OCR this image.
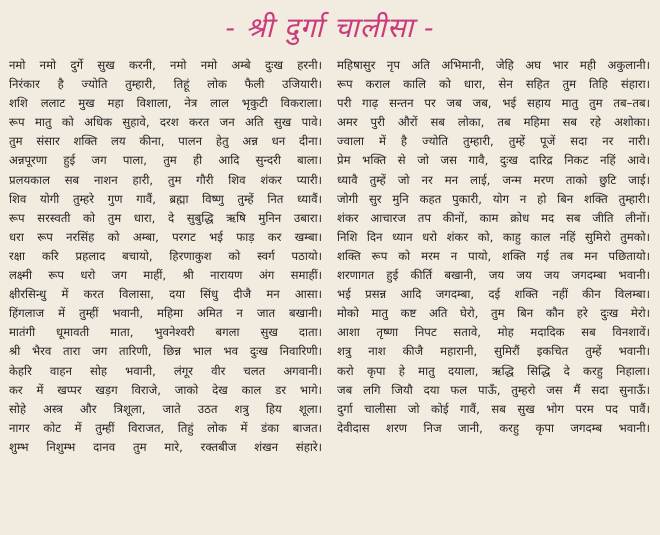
- श्री दुर्गा चालीसा -
नमो नमो दुर्गे सुख करनी, नमो नमो अम्बे दुःख हरनी।
निरंकार है ज्योति तुम्हारी, तिहूं लोक फैली उजियारी।
शशि ललाट मुख महा विशाला, नेत्र लाल भृकुटी विकराला।
रूप मातु को अधिक सुहावे, दरश करत जन अति सुख पावे।
तुम संसार शक्ति लय कीना, पालन हेतु अन्न धन दीना।
अन्नपूरणा हुई जग पाला, तुम ही आदि सुन्दरी बाला।
प्रलयकाल सब नाशन हारी, तुम गौरी शिव शंकर प्यारी।
शिव योगी तुम्हरे गुण गावैं, ब्रह्मा विष्णु तुम्हें नित ध्यावैं।
रूप सरस्वती को तुम धारा, दे सुबुद्धि ऋषि मुनिन उबारा।
धरा रूप नरसिंह को अम्बा, परगट भई फाड़ कर खम्बा।
रक्षा करि प्रहलाद बचायो, हिरणाकुश को स्वर्ग पठायो।
लक्ष्मी रूप धरो जग माहीं, श्री नारायण अंग समाहीं।
क्षीरसिन्धु में करत विलासा, दया सिंधु दीजै मन आसा।
हिंगलाज में तुम्हीं भवानी, महिमा अमित न जात बखानी।
मातंगी धूमावती माता, भुवनेश्वरी बगला सुख दाता।
श्री भैरव तारा जग तारिणी, छिन्न भाल भव दुःख निवारिणी।
केहरि वाहन सोह भवानी, लंगूर वीर चलत अगवानी।
कर में खप्पर खड़ग विराजे, जाको देख काल डर भागे।
सोहे अस्त्र और त्रिशूला, जाते उठत शत्रु हिय शूला।
नागर कोट में तुम्हीं विराजत, तिहुं लोक में डंका बाजत।
शुम्भ निशुम्भ दानव तुम मारे, रक्तबीज शंखन संहारे।
महिषासुर नृप अति अभिमानी, जेहि अघ भार मही अकुलानी।
रूप कराल कालि को धारा, सेन सहित तुम तिहि संहारा।
परी गाढ़ सन्तन पर जब जब, भई सहाय मातु तुम तब–तब।
अमर पुरी औरों सब लोका, तब महिमा सब रहे अशोका।
ज्वाला में है ज्योति तुम्हारी, तुम्हें पूजें सदा नर नारी।
प्रेम भक्ति से जो जस गावै, दुःख दारिद्र निकट नहिं आवे।
ध्यावै तुम्हें जो नर मन लाई, जन्म मरण ताको छुटि जाई।
जोगी सुर मुनि कहत पुकारी, योग न हो बिन शक्ति तुम्हारी।
शंकर आचारज तप कीनों, काम क्रोध मद सब जीति लीनों।
निशि दिन ध्यान धरो शंकर को, काहु काल नहिं सुमिरो तुमको।
शक्ति रूप को मरम न पायो, शक्ति गई तब मन पछितायो।
शरणागत हुई कीर्ति बखानी, जय जय जय जगदम्बा भवानी।
भई प्रसन्न आदि जगदम्बा, दई शक्ति नहीं कीन विलम्बा।
मोको मातु कष्ट अति घेरो, तुम बिन कौन हरे दुःख मेरो।
आशा तृष्णा निपट सतावे, मोह मदादिक सब विनशावें।
शत्रु नाश कीजै महारानी, सुमिरौं इकचित तुम्हें भवानी।
करो कृपा हे मातु दयाला, ऋद्धि सिद्धि दे करहु निहाला।
जब लगि जियौ दया फल पाऊँ, तुम्हरो जस मैं सदा सुनाऊँ।
दुर्गा चालीसा जो कोई गावैं, सब सुख भोग परम पद पावैं।
देवीदास शरण निज जानी, करहु कृपा जगदम्ब भवानी।
